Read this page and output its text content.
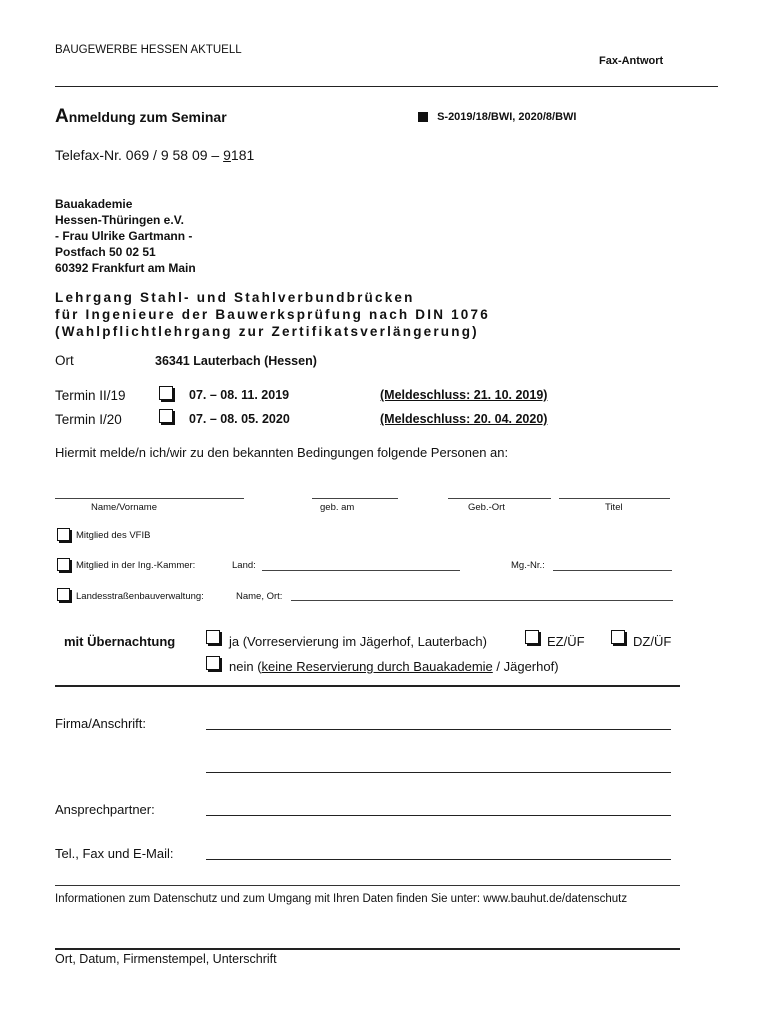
BAUGEWERBE HESSEN AKTUELL
Fax-Antwort
Anmeldung zum Seminar	S-2019/18/BWI, 2020/8/BWI
Telefax-Nr. 069 / 9 58 09 – 9181
Bauakademie
Hessen-Thüringen e.V.
- Frau Ulrike Gartmann -
Postfach 50 02 51
60392 Frankfurt am Main
Lehrgang Stahl- und Stahlverbundbrücken
für Ingenieure der Bauwerksprüfung nach DIN 1076
(Wahlpflichtlehrgang zur Zertifikatsverlängerung)
Ort	36341 Lauterbach (Hessen)
Termin II/19	07. – 08. 11. 2019	(Meldeschluss: 21. 10. 2019)
Termin I/20	07. – 08. 05. 2020	(Meldeschluss: 20. 04. 2020)
Hiermit melde/n ich/wir zu den bekannten Bedingungen folgende Personen an:
Name/Vorname	geb. am	Geb.-Ort	Titel
Mitglied des VFIB
Mitglied in der Ing.-Kammer:	Land:	Mg.-Nr.:
Landesstraßenbauverwaltung:	Name, Ort:
mit Übernachtung	ja (Vorreservierung im Jägerhof, Lauterbach)	EZ/ÜF	DZ/ÜF
nein (keine Reservierung durch Bauakademie / Jägerhof)
Firma/Anschrift:
Ansprechpartner:
Tel., Fax und E-Mail:
Informationen zum Datenschutz und zum Umgang mit Ihren Daten finden Sie unter: www.bauhut.de/datenschutz
Ort, Datum, Firmenstempel, Unterschrift
